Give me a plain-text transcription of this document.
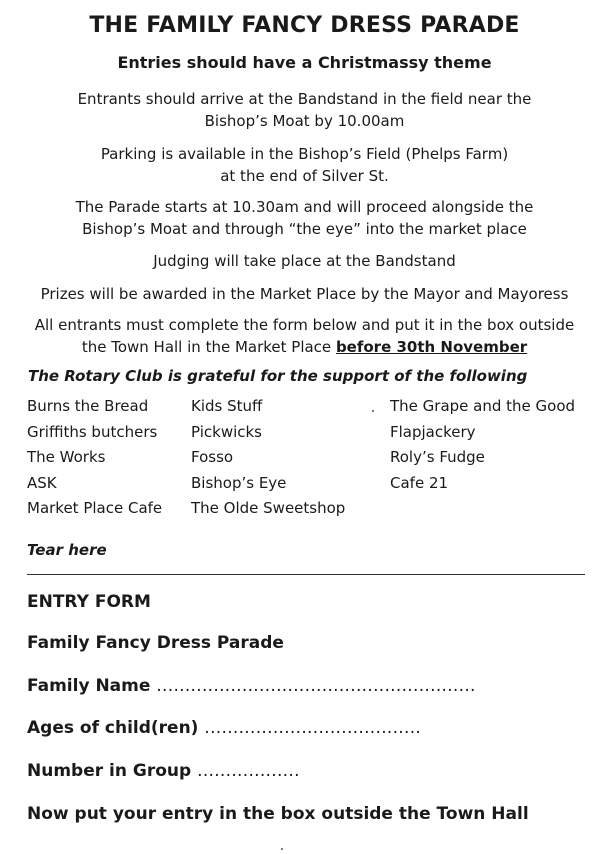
THE FAMILY FANCY DRESS PARADE
Entries should have a Christmassy theme
Entrants should arrive at the Bandstand in the field near the
Bishop’s Moat by 10.00am
Parking is available in the Bishop’s Field (Phelps Farm)
at the end of Silver St.
The Parade starts at 10.30am and will proceed alongside the
Bishop’s Moat and through “the eye” into the market place
Judging will take place at the Bandstand
Prizes will be awarded in the Market Place by the Mayor and Mayoress
All entrants must complete the form below and put it in the box outside
the Town Hall in the Market Place before 30th November
The Rotary Club is grateful for the support of the following
Burns the Bread
Griffiths butchers
The Works
ASK
Market Place Cafe
Kids Stuff
Pickwicks
Fosso
Bishop’s Eye
The Olde Sweetshop
The Grape and the Good
Flapjackery
Roly’s Fudge
Cafe 21
Tear here
ENTRY FORM
Family Fancy Dress Parade
Family Name ........................................................
Ages of child(ren) ......................................
Number in Group ..................
Now put your entry in the box outside the Town Hall
